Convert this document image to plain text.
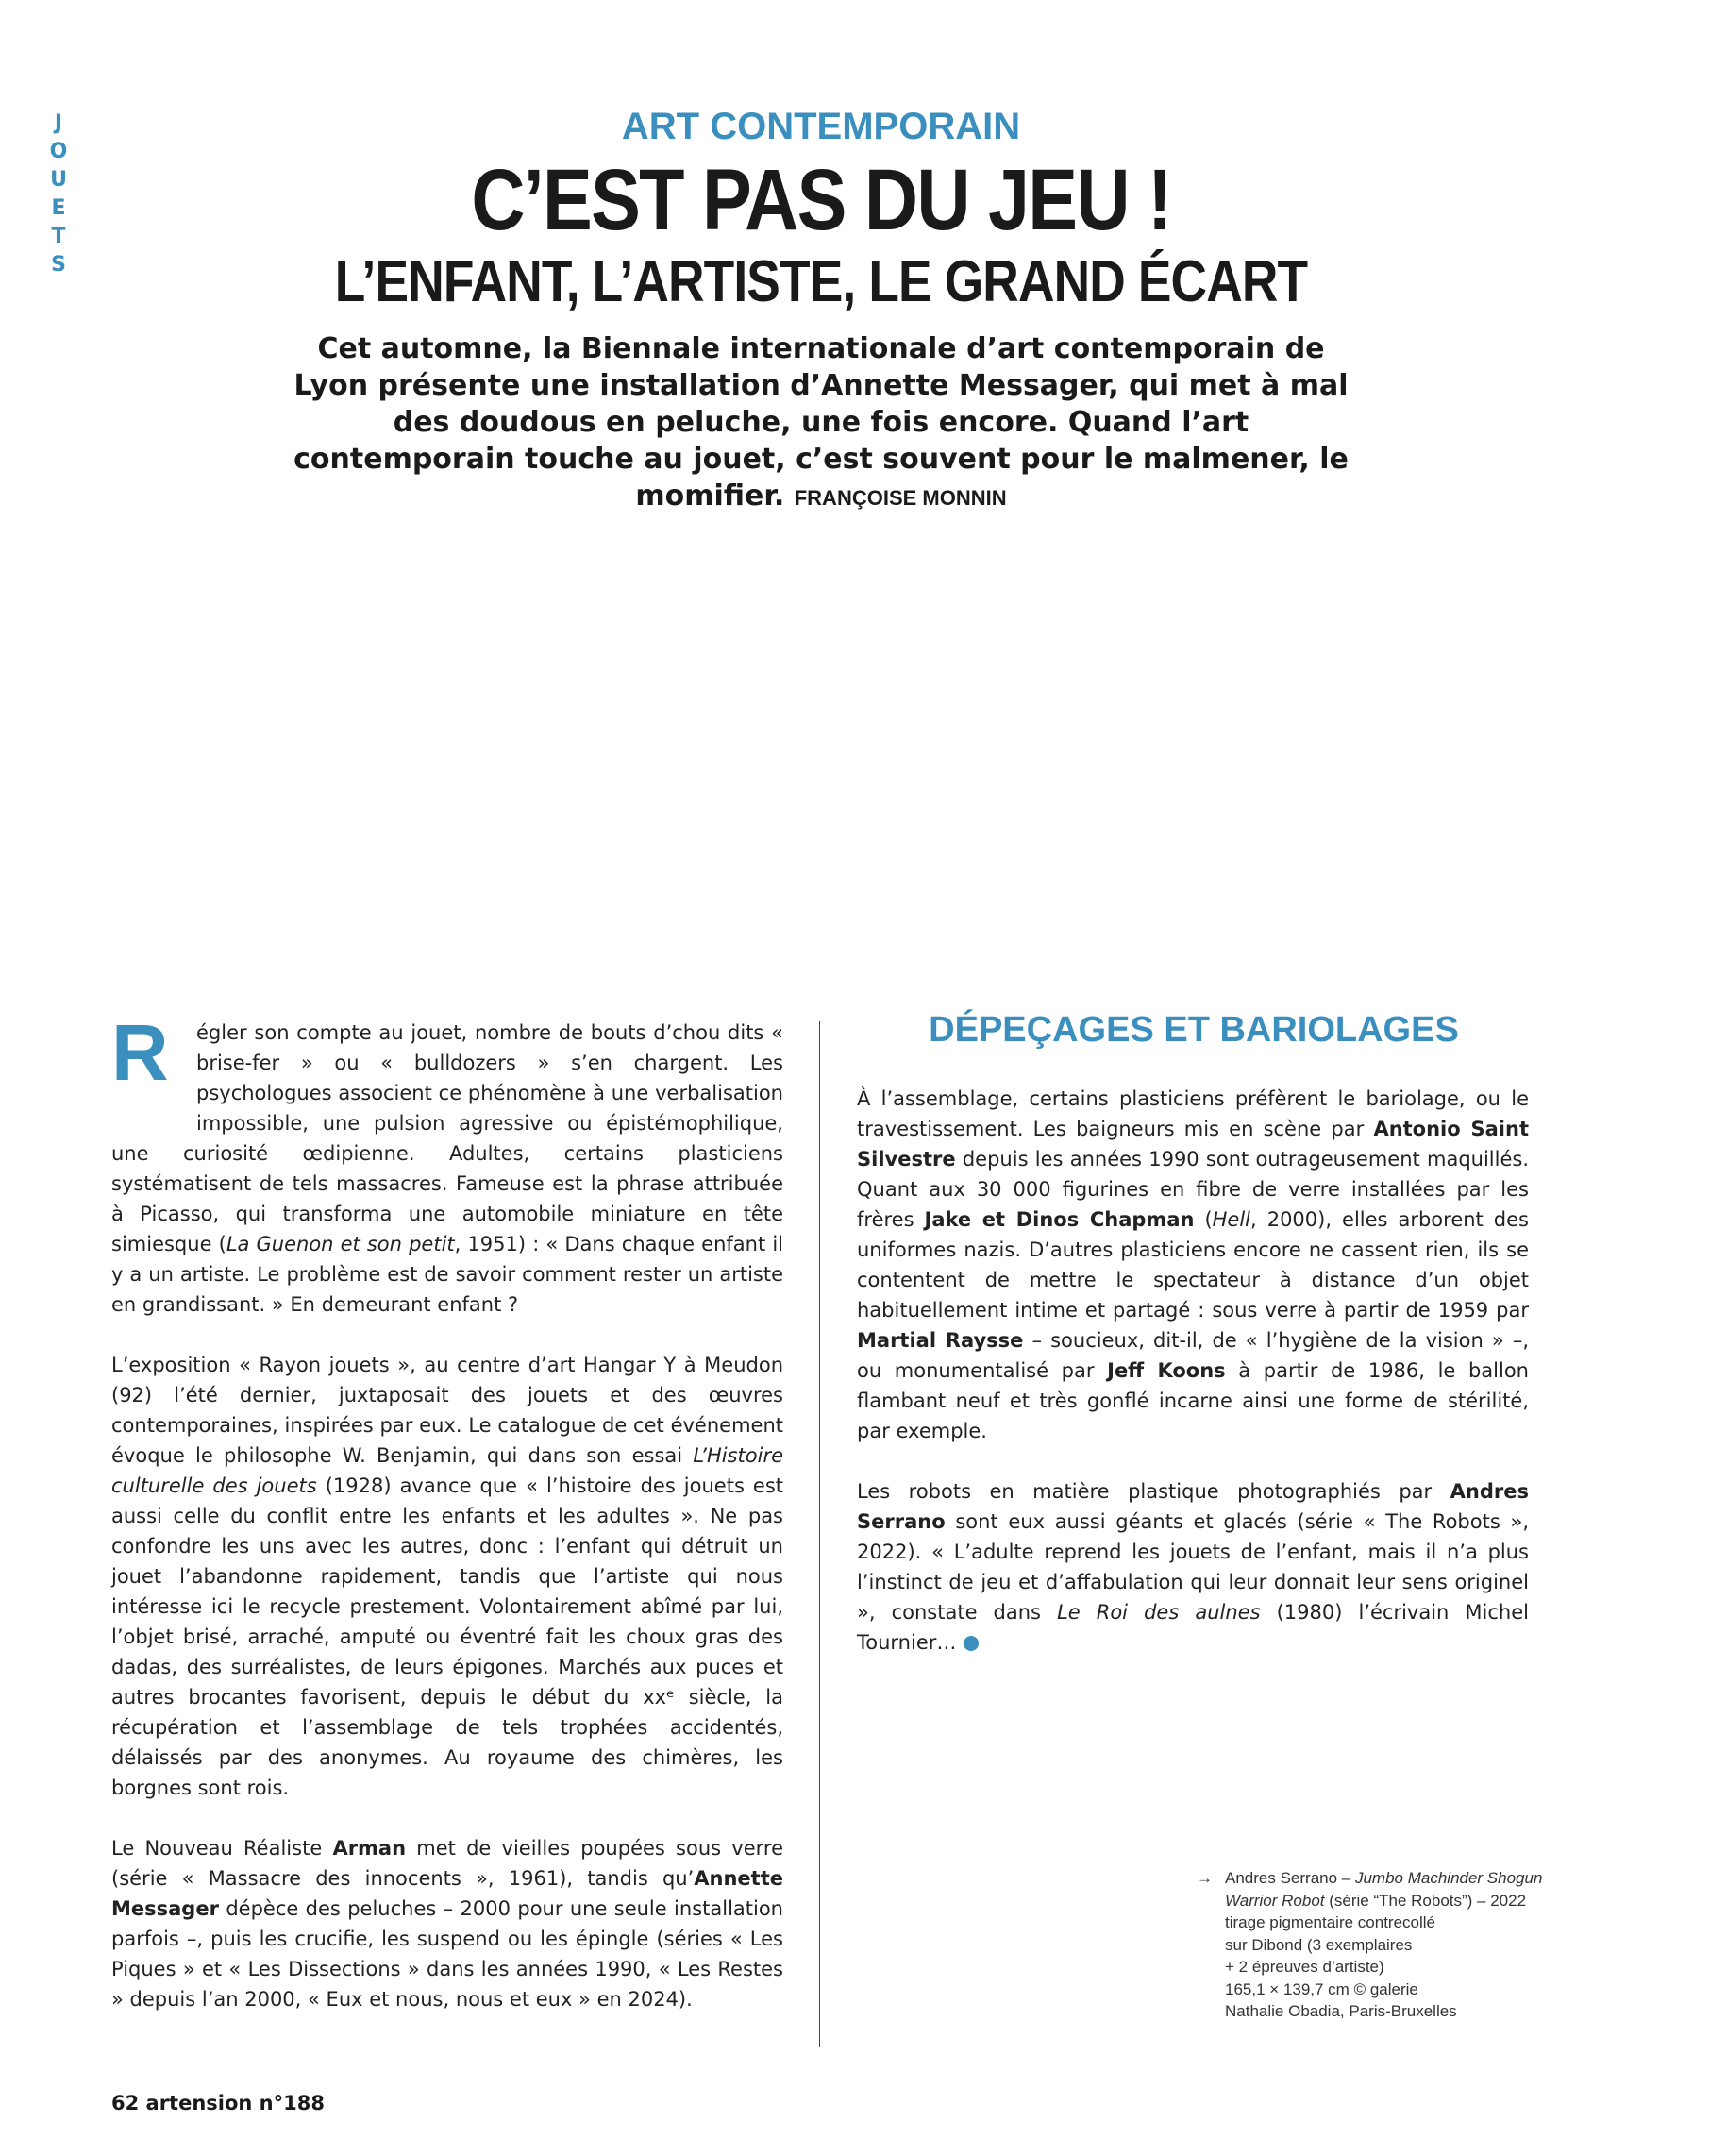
J
O
U
E
T
S
ART CONTEMPORAIN
C’EST PAS DU JEU !
L’ENFANT, L’ARTISTE, LE GRAND ÉCART
Cet automne, la Biennale internationale d’art contemporain de Lyon présente une installation d’Annette Messager, qui met à mal des doudous en peluche, une fois encore. Quand l’art contemporain touche au jouet, c’est souvent pour le malmener, le momifier. FRANÇOISE MONNIN

R	égler son compte au jouet, nombre de bouts d’chou dits « brise-fer » ou « bulldozers » s’en chargent. Les psychologues associent ce phénomène à une verbalisation impossible, une pulsion agressive ou épistémophilique, une curiosité œdipienne. Adultes, certains plasticiens systématisent de tels massacres. Fameuse est la phrase attribuée à Picasso, qui transforma une automobile miniature en tête simiesque (La Guenon et son petit, 1951) : « Dans chaque enfant il y a un artiste. Le problème est de savoir comment rester un artiste en grandissant. » En demeurant enfant ?

L’exposition « Rayon jouets », au centre d’art Hangar Y à Meudon (92) l’été dernier, juxtaposait des jouets et des œuvres contemporaines, inspirées par eux. Le catalogue de cet événement évoque le philosophe W. Benjamin, qui dans son essai L’Histoire culturelle des jouets (1928) avance que « l’histoire des jouets est aussi celle du conflit entre les enfants et les adultes ». Ne pas confondre les uns avec les autres, donc : l’enfant qui détruit un jouet l’abandonne rapidement, tandis que l’artiste qui nous intéresse ici le recycle prestement. Volontairement abîmé par lui, l’objet brisé, arraché, amputé ou éventré fait les choux gras des dadas, des surréalistes, de leurs épigones. Marchés aux puces et autres brocantes favorisent, depuis le début du xxᵉ siècle, la récupération et l’assemblage de tels trophées accidentés, délaissés par des anonymes. Au royaume des chimères, les borgnes sont rois.

Le Nouveau Réaliste Arman met de vieilles poupées sous verre (série « Massacre des innocents », 1961), tandis qu’Annette Messager dépèce des peluches – 2000 pour une seule installation parfois –, puis les crucifie, les suspend ou les épingle (séries « Les Piques » et « Les Dissections » dans les années 1990, « Les Restes » depuis l’an 2000, « Eux et nous, nous et eux » en 2024).

DÉPEÇAGES ET BARIOLAGES

À l’assemblage, certains plasticiens préfèrent le bariolage, ou le travestissement. Les baigneurs mis en scène par Antonio Saint Silvestre depuis les années 1990 sont outrageusement maquillés. Quant aux 30 000 figurines en fibre de verre installées par les frères Jake et Dinos Chapman (Hell, 2000), elles arborent des uniformes nazis. D’autres plasticiens encore ne cassent rien, ils se contentent de mettre le spectateur à distance d’un objet habituellement intime et partagé : sous verre à partir de 1959 par Martial Raysse – soucieux, dit-il, de « l’hygiène de la vision » –, ou monumentalisé par Jeff Koons à partir de 1986, le ballon flambant neuf et très gonflé incarne ainsi une forme de stérilité, par exemple.

Les robots en matière plastique photographiés par Andres Serrano sont eux aussi géants et glacés (série « The Robots », 2022). « L’adulte reprend les jouets de l’enfant, mais il n’a plus l’instinct de jeu et d’affabulation qui leur donnait leur sens originel », constate dans Le Roi des aulnes (1980) l’écrivain Michel Tournier…

→ Andres Serrano – Jumbo Machinder Shogun Warrior Robot (série “The Robots”) – 2022
tirage pigmentaire contrecollé
sur Dibond (3 exemplaires
+ 2 épreuves d’artiste)
165,1 × 139,7 cm © galerie
Nathalie Obadia, Paris-Bruxelles
62 artension n°188
